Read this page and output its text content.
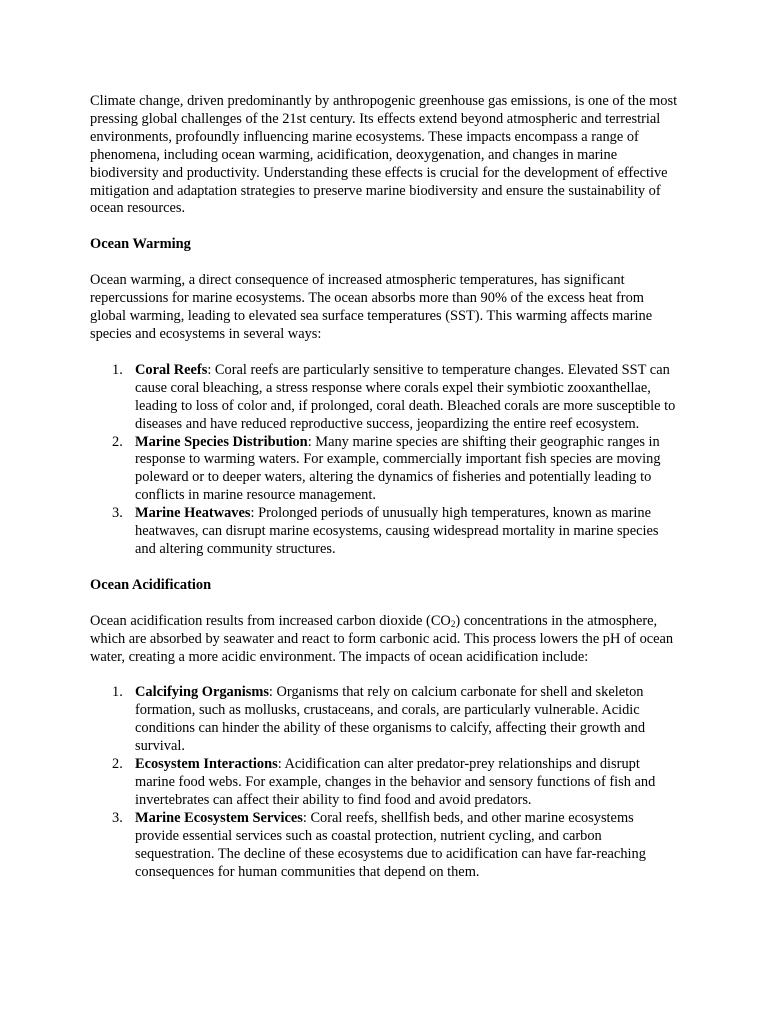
Climate change, driven predominantly by anthropogenic greenhouse gas emissions, is one of the most pressing global challenges of the 21st century. Its effects extend beyond atmospheric and terrestrial environments, profoundly influencing marine ecosystems. These impacts encompass a range of phenomena, including ocean warming, acidification, deoxygenation, and changes in marine biodiversity and productivity. Understanding these effects is crucial for the development of effective mitigation and adaptation strategies to preserve marine biodiversity and ensure the sustainability of ocean resources.

Ocean Warming

Ocean warming, a direct consequence of increased atmospheric temperatures, has significant repercussions for marine ecosystems. The ocean absorbs more than 90% of the excess heat from global warming, leading to elevated sea surface temperatures (SST). This warming affects marine species and ecosystems in several ways:

1. Coral Reefs: Coral reefs are particularly sensitive to temperature changes. Elevated SST can cause coral bleaching, a stress response where corals expel their symbiotic zooxanthellae, leading to loss of color and, if prolonged, coral death. Bleached corals are more susceptible to diseases and have reduced reproductive success, jeopardizing the entire reef ecosystem.
2. Marine Species Distribution: Many marine species are shifting their geographic ranges in response to warming waters. For example, commercially important fish species are moving poleward or to deeper waters, altering the dynamics of fisheries and potentially leading to conflicts in marine resource management.
3. Marine Heatwaves: Prolonged periods of unusually high temperatures, known as marine heatwaves, can disrupt marine ecosystems, causing widespread mortality in marine species and altering community structures.

Ocean Acidification

Ocean acidification results from increased carbon dioxide $(CO_2)$ concentrations in the atmosphere, which are absorbed by seawater and react to form carbonic acid. This process lowers the pH of ocean water, creating a more acidic environment. The impacts of ocean acidification include:

1. Calcifying Organisms: Organisms that rely on calcium carbonate for shell and skeleton formation, such as mollusks, crustaceans, and corals, are particularly vulnerable. Acidic conditions can hinder the ability of these organisms to calcify, affecting their growth and survival.
2. Ecosystem Interactions: Acidification can alter predator-prey relationships and disrupt marine food webs. For example, changes in the behavior and sensory functions of fish and invertebrates can affect their ability to find food and avoid predators.
3. Marine Ecosystem Services: Coral reefs, shellfish beds, and other marine ecosystems provide essential services such as coastal protection, nutrient cycling, and carbon sequestration. The decline of these ecosystems due to acidification can have far-reaching consequences for human communities that depend on them.
